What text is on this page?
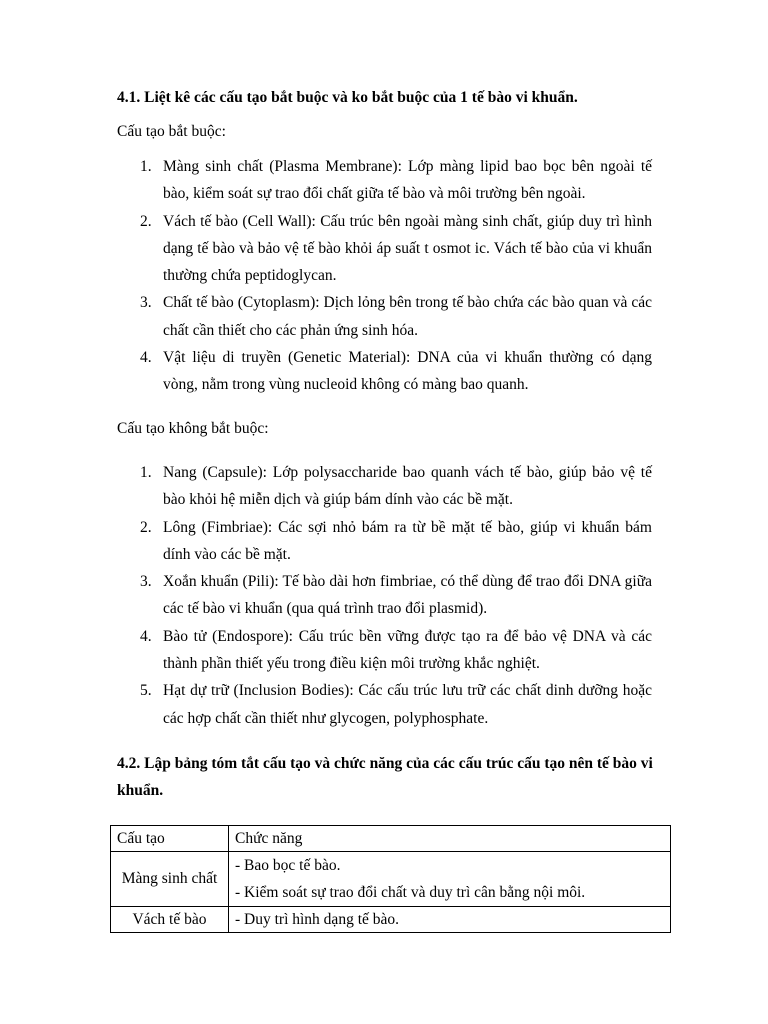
4.1. Liệt kê các cấu tạo bắt buộc và ko bắt buộc của 1 tế bào vi khuẩn.
Cấu tạo bắt buộc:
1. Màng sinh chất (Plasma Membrane): Lớp màng lipid bao bọc bên ngoài tế bào, kiểm soát sự trao đổi chất giữa tế bào và môi trường bên ngoài.
2. Vách tế bào (Cell Wall): Cấu trúc bên ngoài màng sinh chất, giúp duy trì hình dạng tế bào và bảo vệ tế bào khỏi áp suất t osmot ic. Vách tế bào của vi khuẩn thường chứa peptidoglycan.
3. Chất tế bào (Cytoplasm): Dịch lỏng bên trong tế bào chứa các bào quan và các chất cần thiết cho các phản ứng sinh hóa.
4. Vật liệu di truyền (Genetic Material): DNA của vi khuẩn thường có dạng vòng, nằm trong vùng nucleoid không có màng bao quanh.
Cấu tạo không bắt buộc:
1. Nang (Capsule): Lớp polysaccharide bao quanh vách tế bào, giúp bảo vệ tế bào khỏi hệ miễn dịch và giúp bám dính vào các bề mặt.
2. Lông (Fimbriae): Các sợi nhỏ bám ra từ bề mặt tế bào, giúp vi khuẩn bám dính vào các bề mặt.
3. Xoắn khuẩn (Pili): Tế bào dài hơn fimbriae, có thể dùng để trao đổi DNA giữa các tế bào vi khuẩn (qua quá trình trao đổi plasmid).
4. Bào tử (Endospore): Cấu trúc bền vững được tạo ra để bảo vệ DNA và các thành phần thiết yếu trong điều kiện môi trường khắc nghiệt.
5. Hạt dự trữ (Inclusion Bodies): Các cấu trúc lưu trữ các chất dinh dưỡng hoặc các hợp chất cần thiết như glycogen, polyphosphate.
4.2. Lập bảng tóm tắt cấu tạo và chức năng của các cấu trúc cấu tạo nên tế bào vi khuẩn.
Cấu tạo	Chức năng
Màng sinh chất	- Bao bọc tế bào.
- Kiểm soát sự trao đổi chất và duy trì cân bằng nội môi.

Vách tế bào	- Duy trì hình dạng tế bào.
